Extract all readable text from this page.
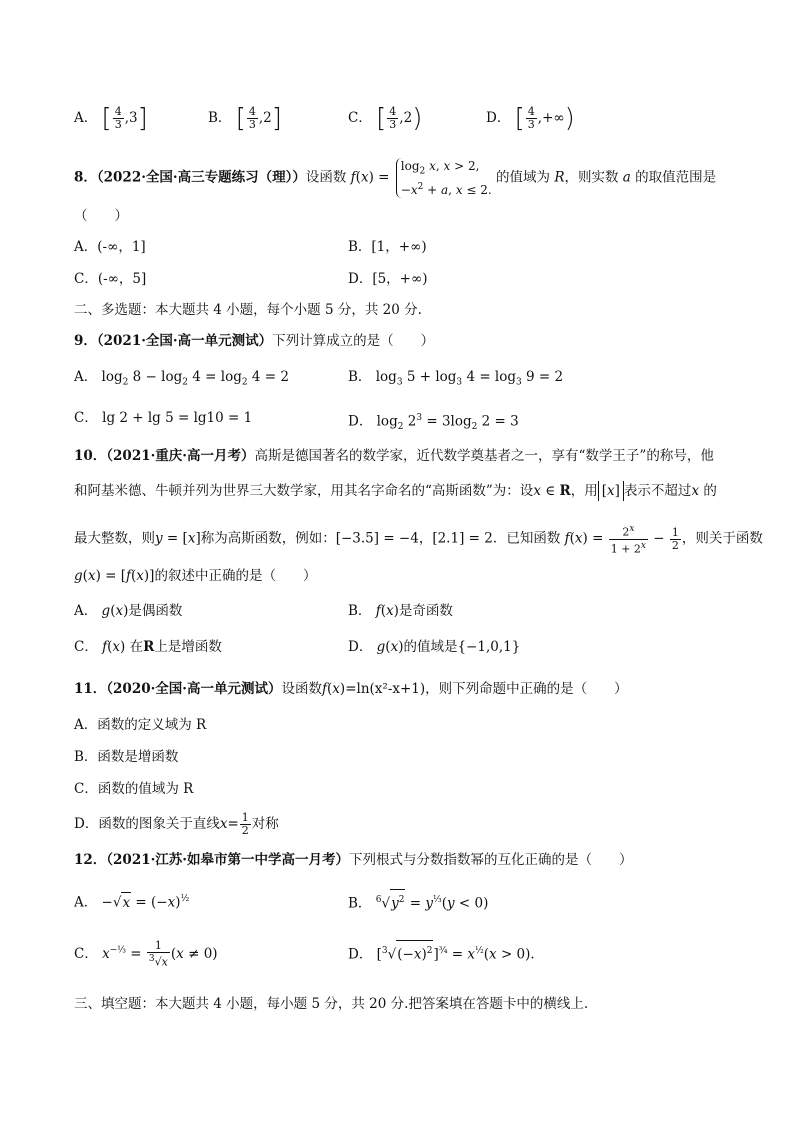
A． [ $\frac{4}{3} ,3$]	B． [ $\frac{4}{3} ,2$]	C． [ $\frac{4}{3} ,2$)	D． [ $\frac{4}{3}$ ,+∞)
8．（2022·全国·高三专题练习（理））设函数 $f(x) = \log_2 x$, x > 2,
$-x^2 + a$, x ≤ 2. 的值域为 R，则实数 a 的取值范围是
（　　）
A．(-∞，1]	B．[1，+∞)
C．(-∞，5]	D．[5，+∞)
二、多选题：本大题共 4 小题，每个小题 5 分，共 20 分.
9．（2021·全国·高一单元测试）下列计算成立的是（　　）
A． $\log_2 8 - \log_2 4 = \log_2 4 = 2$	B． $\log_3 5 + \log_3 4 = \log_3 9 = 2$
C． lg 2 + lg 5 = lg10 = 1	D． $\log_2 2^3 = 3\log_2$ 2 = 3
10．（2021·重庆·高一月考）高斯是德国著名的数学家，近代数学奠基者之一，享有“数学王子”的称号，他
和阿基米德、牛顿并列为世界三大数学家，用其名字命名的“高斯函数”为：设x ∈ R，用 [x] 表示不超过x 的
最大整数，则y = [x]称为高斯函数，例如：[−3.5] = −4，[2.1] = 2．已知函数 $f(x) = \frac{2^x}{1 + 2^x} - \frac{1}{2}$ ，则关于函数
g(x) = [f(x)]的叙述中正确的是（　　）
A． g(x)是偶函数	B． f(x)是奇函数
C． f(x) 在R上是增函数	D． g(x)的值域是{−1,0,1}
11．（2020·全国·高一单元测试）设函数f(x)=ln(x²-x+1)，则下列命题中正确的是（　　）
A．函数的定义域为 R
B．函数是增函数
C．函数的值域为 R
D．函数的图象关于直线$x= \frac{1}{2}$ 对称
12．（2021·江苏·如皋市第一中学高一月考）下列根式与分数指数幂的互化正确的是（　　）
A． $-√x = (-x)^{\frac{1}{2}}$	B． $^6√y^2 = y^{\frac{1}{3}}(y < 0)$
C． $x^{-\frac{1}{3}} = \frac{1}{^3√x} (x \ne 0)$	D． $[^3√(-x)^2]^{\frac{3}{4}} = x^{\frac{1}{2}}(x > 0)$.
三、填空题：本大题共 4 小题，每小题 5 分，共 20 分.把答案填在答题卡中的横线上.
